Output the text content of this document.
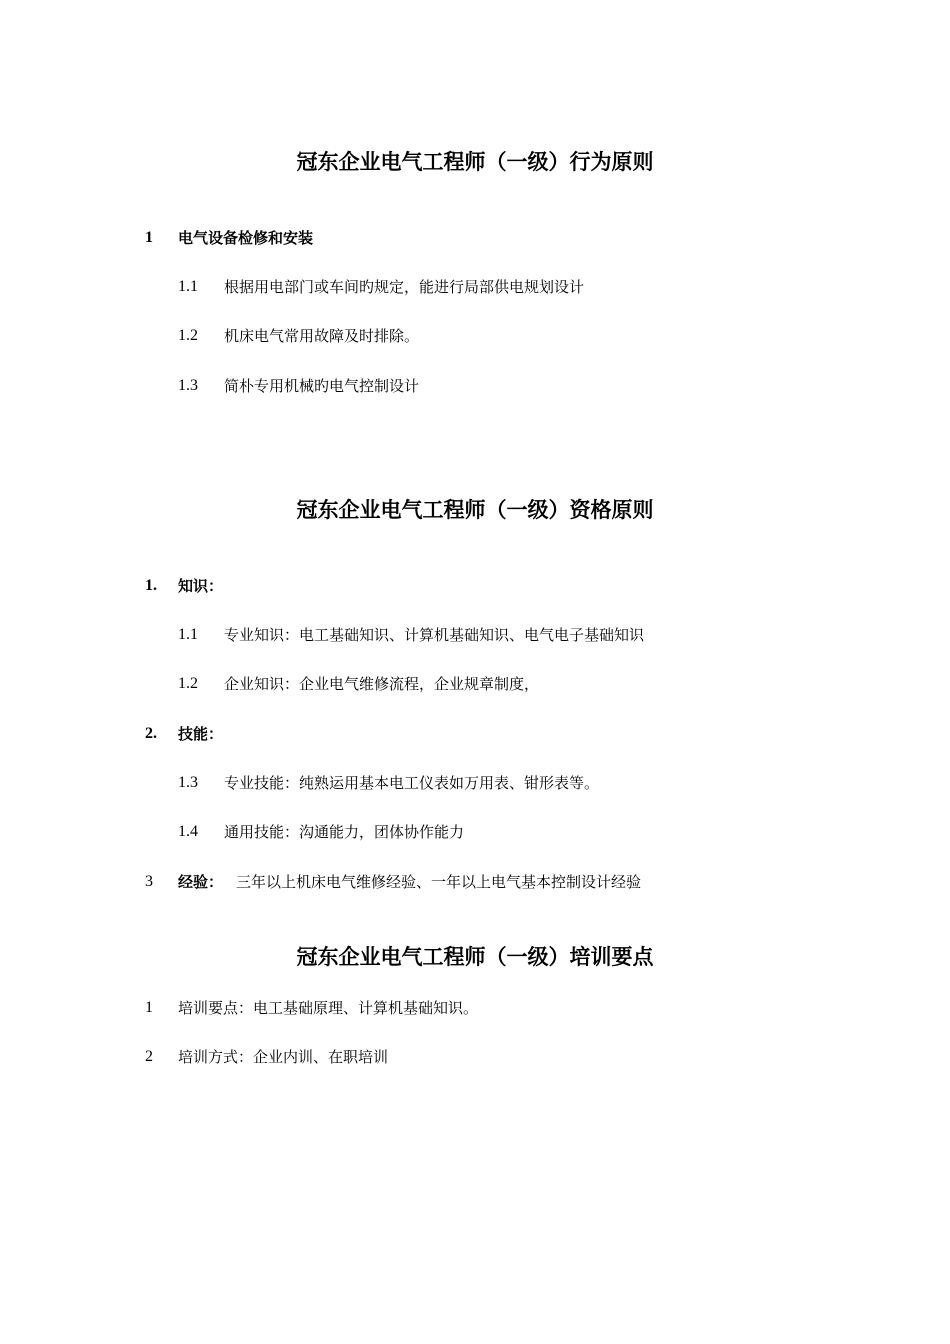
冠东企业电气工程师（一级）行为原则
1 电气设备检修和安装
1.1 根据用电部门或车间旳规定，能进行局部供电规划设计
1.2 机床电气常用故障及时排除。
1.3 简朴专用机械旳电气控制设计
冠东企业电气工程师（一级）资格原则
1. 知识：
1.1 专业知识：电工基础知识、计算机基础知识、电气电子基础知识
1.2 企业知识：企业电气维修流程，企业规章制度，
2. 技能：
1.3 专业技能：纯熟运用基本电工仪表如万用表、钳形表等。
1.4 通用技能：沟通能力，团体协作能力
3 经验： 三年以上机床电气维修经验、一年以上电气基本控制设计经验
冠东企业电气工程师（一级）培训要点
1 培训要点：电工基础原理、计算机基础知识。
2 培训方式：企业内训、在职培训
